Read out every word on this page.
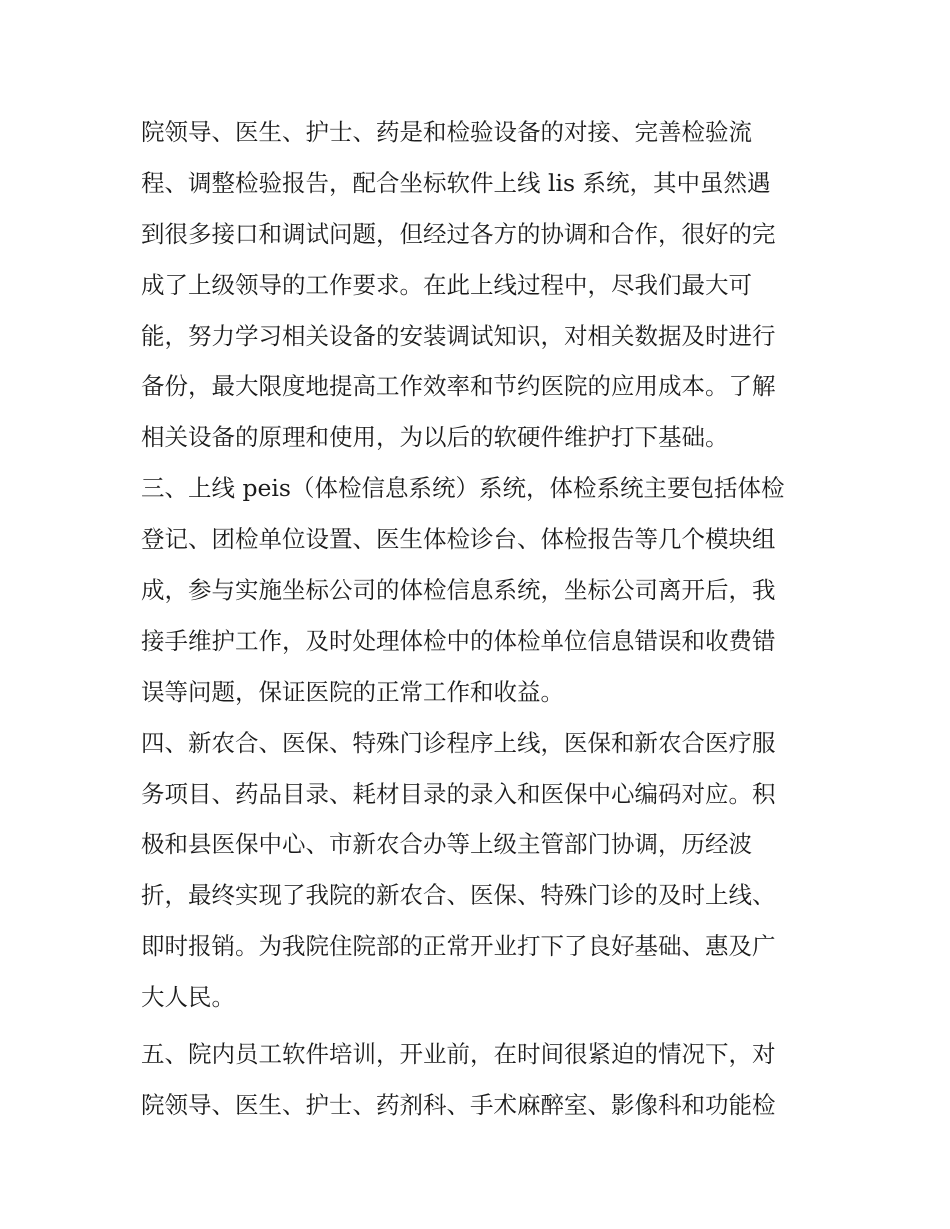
院领导、医生、护士、药是和检验设备的对接、完善检验流
程、调整检验报告，配合坐标软件上线 lis 系统，其中虽然遇
到很多接口和调试问题，但经过各方的协调和合作，很好的完
成了上级领导的工作要求。在此上线过程中，尽我们最大可
能，努力学习相关设备的安装调试知识，对相关数据及时进行
备份，最大限度地提高工作效率和节约医院的应用成本。了解
相关设备的原理和使用，为以后的软硬件维护打下基础。
三、上线 peis（体检信息系统）系统，体检系统主要包括体检
登记、团检单位设置、医生体检诊台、体检报告等几个模块组
成，参与实施坐标公司的体检信息系统，坐标公司离开后，我
接手维护工作，及时处理体检中的体检单位信息错误和收费错
误等问题，保证医院的正常工作和收益。
四、新农合、医保、特殊门诊程序上线，医保和新农合医疗服
务项目、药品目录、耗材目录的录入和医保中心编码对应。积
极和县医保中心、市新农合办等上级主管部门协调，历经波
折，最终实现了我院的新农合、医保、特殊门诊的及时上线、
即时报销。为我院住院部的正常开业打下了良好基础、惠及广
大人民。
五、院内员工软件培训，开业前，在时间很紧迫的情况下，对
院领导、医生、护士、药剂科、手术麻醉室、影像科和功能检
